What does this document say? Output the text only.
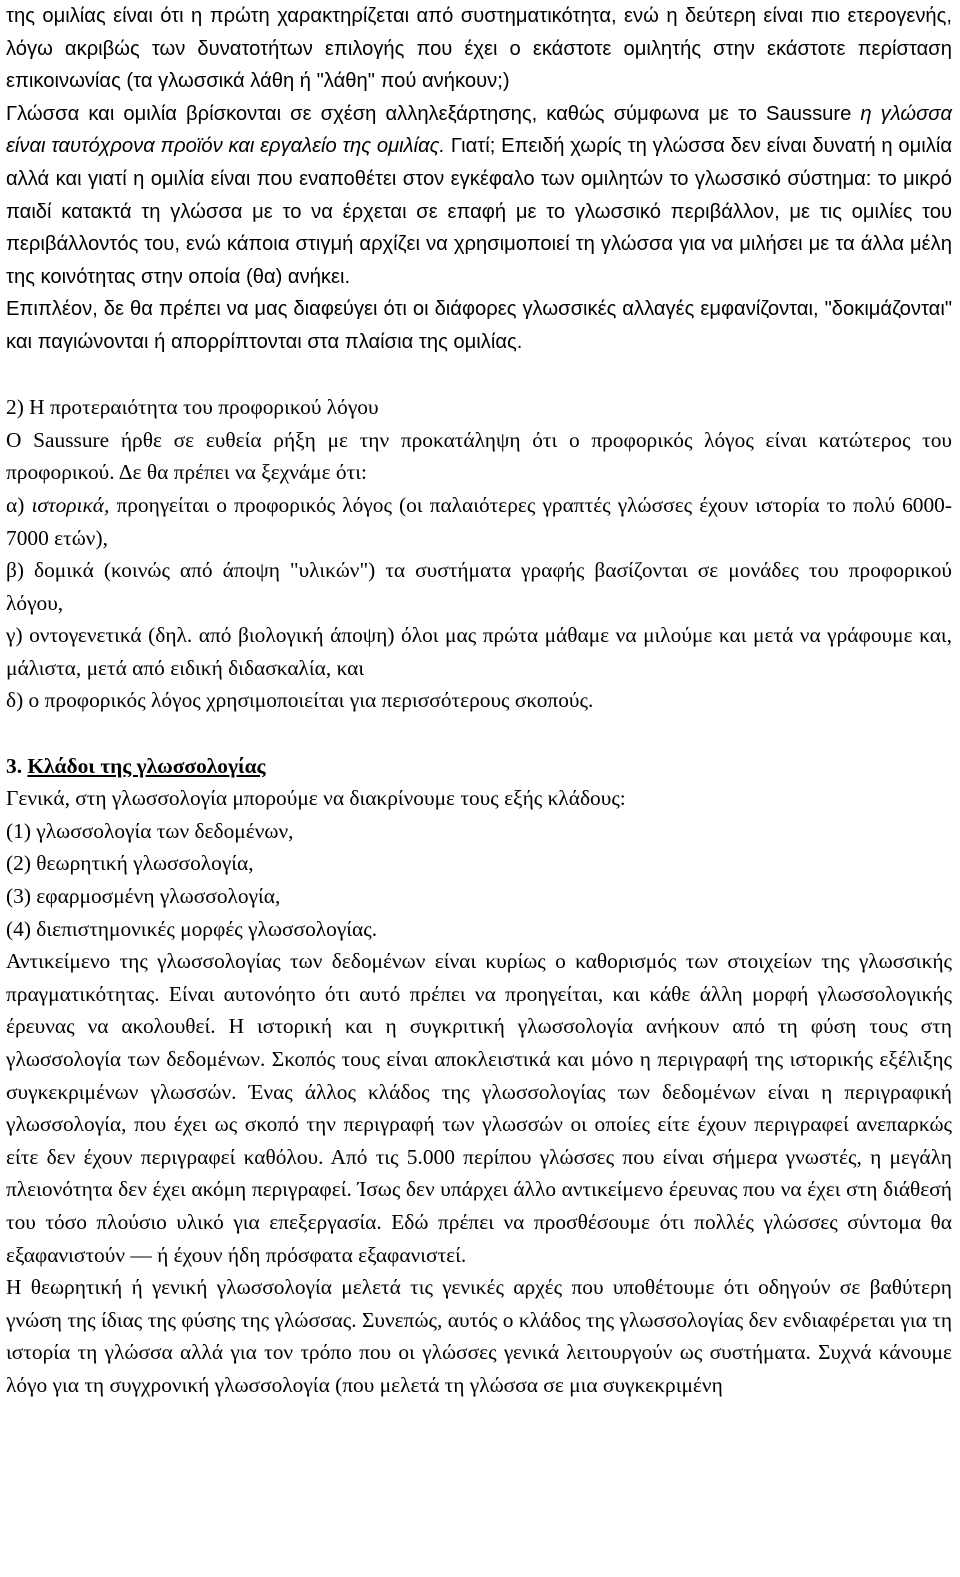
της ομιλίας είναι ότι η πρώτη χαρακτηρίζεται από συστηματικότητα, ενώ η δεύτερη είναι πιο ετερογενής, λόγω ακριβώς των δυνατοτήτων επιλογής που έχει ο εκάστοτε ομιλητής στην εκάστοτε περίσταση επικοινωνίας (τα γλωσσικά λάθη ή "λάθη" πού ανήκουν;)

Γλώσσα και ομιλία βρίσκονται σε σχέση αλληλεξάρτησης, καθώς σύμφωνα με το Saussure η γλώσσα είναι ταυτόχρονα προϊόν και εργαλείο της ομιλίας. Γιατί; Επειδή χωρίς τη γλώσσα δεν είναι δυνατή η ομιλία αλλά και γιατί η ομιλία είναι που εναποθέτει στον εγκέφαλο των ομιλητών το γλωσσικό σύστημα: το μικρό παιδί κατακτά τη γλώσσα με το να έρχεται σε επαφή με το γλωσσικό περιβάλλον, με τις ομιλίες του περιβάλλοντός του, ενώ κάποια στιγμή αρχίζει να χρησιμοποιεί τη γλώσσα για να μιλήσει με τα άλλα μέλη της κοινότητας στην οποία (θα) ανήκει.

Επιπλέον, δε θα πρέπει να μας διαφεύγει ότι οι διάφορες γλωσσικές αλλαγές εμφανίζονται, "δοκιμάζονται" και παγιώνονται ή απορρίπτονται στα πλαίσια της ομιλίας.

2) Η προτεραιότητα του προφορικού λόγου

Ο Saussure ήρθε σε ευθεία ρήξη με την προκατάληψη ότι ο προφορικός λόγος είναι κατώτερος του προφορικού. Δε θα πρέπει να ξεχνάμε ότι:

α) ιστορικά, προηγείται ο προφορικός λόγος (οι παλαιότερες γραπτές γλώσσες έχουν ιστορία το πολύ 6000-7000 ετών),

β) δομικά (κοινώς από άποψη "υλικών") τα συστήματα γραφής βασίζονται σε μονάδες του προφορικού λόγου,

γ) οντογενετικά (δηλ. από βιολογική άποψη) όλοι μας πρώτα μάθαμε να μιλούμε και μετά να γράφουμε και, μάλιστα, μετά από ειδική διδασκαλία, και

δ) ο προφορικός λόγος χρησιμοποιείται για περισσότερους σκοπούς.

3. Κλάδοι της γλωσσολογίας
Γενικά, στη γλωσσολογία μπορούμε να διακρίνουμε τους εξής κλάδους:
(1) γλωσσολογία των δεδομένων,
(2) θεωρητική γλωσσολογία,
(3) εφαρμοσμένη γλωσσολογία,
(4) διεπιστημονικές μορφές γλωσσολογίας.

Αντικείμενο της γλωσσολογίας των δεδομένων είναι κυρίως ο καθορισμός των στοιχείων της γλωσσικής πραγματικότητας. Είναι αυτονόητο ότι αυτό πρέπει να προηγείται, και κάθε άλλη μορφή γλωσσολογικής έρευνας να ακολουθεί. Η ιστορική και η συγκριτική γλωσσολογία ανήκουν από τη φύση τους στη γλωσσολογία των δεδομένων. Σκοπός τους είναι αποκλειστικά και μόνο η περιγραφή της ιστορικής εξέλιξης συγκεκριμένων γλωσσών. Ένας άλλος κλάδος της γλωσσολογίας των δεδομένων είναι η περιγραφική γλωσσολογία, που έχει ως σκοπό την περιγραφή των γλωσσών οι οποίες είτε έχουν περιγραφεί ανεπαρκώς είτε δεν έχουν περιγραφεί καθόλου. Από τις 5.000 περίπου γλώσσες που είναι σήμερα γνωστές, η μεγάλη πλειονότητα δεν έχει ακόμη περιγραφεί. Ίσως δεν υπάρχει άλλο αντικείμενο έρευνας που να έχει στη διάθεσή του τόσο πλούσιο υλικό για επεξεργασία. Εδώ πρέπει να προσθέσουμε ότι πολλές γλώσσες σύντομα θα εξαφανιστούν ― ή έχουν ήδη πρόσφατα εξαφανιστεί.

Η θεωρητική ή γενική γλωσσολογία μελετά τις γενικές αρχές που υποθέτουμε ότι οδηγούν σε βαθύτερη γνώση της ίδιας της φύσης της γλώσσας. Συνεπώς, αυτός ο κλάδος της γλωσσολογίας δεν ενδιαφέρεται για τη ιστορία τη γλώσσα αλλά για τον τρόπο που οι γλώσσες γενικά λειτουργούν ως συστήματα. Συχνά κάνουμε λόγο για τη συγχρονική γλωσσολογία (που μελετά τη γλώσσα σε μια συγκεκριμένη
